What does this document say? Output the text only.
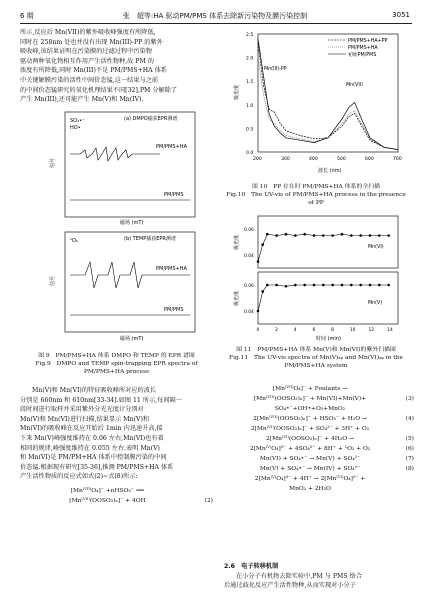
6 期	张　超等:HA 驱动PM/PMS 体系去除新污染物及膜污染控制	3051
所示,反应后 Mn(VII)的紫外吸收峰强度有所降低,
同时在 258nm 处也并没有出现 Mn(III)-PP 的紫外
吸收峰,该结果证明在污染膜的过滤过程中污染物
驱动两种氧化物相互作用产生活性物种,故 PM 的
浓度有所降低,同时 Mn(III)不是 PM/PMS+HA 体系
中关键解膜污染的活性中间价态锰,这一结果与之前
的中间价态锰研究的氧化机理结果不同[32],PM 分解除了
产生 Mn(III),还可能产生 Mn(V)和 Mn(IV).
(a) DMPO捕获EPR测谱
SO₄•⁻
HO•
PM/PMS+HA
PM/PMS
信号
磁场 (mT)
(b) TEMP捕获EPR测谱
¹O₂
PM/PMS+HA
PM/PMS
信号
磁场 (mT)
图 9　PM/PMS+HA 体系 DMPO 和 TEMP 的 EPR 谱图
Fig.9　DMPO and TEMP spin-trapping EPR spectra of
PM/PMS+HA process
Mn(V)和 Mn(VI)的特征吸收峰所对应的波长
分别是 660nm 和 610nm[33-34].如图 11 所示,每间隔一
段时间进行取样并采用紫外分光光度计分别对
Mn(V)和 Mn(VI)进行扫描,结果显示 Mn(V)和
Mn(VI)的吸收峰在反应开始后 1min 内迅速升高,接
下来 Mn(V)峰强度维持在 0.06 左右,Mn(VI)也有着
相同的规律,峰强度维持在 0.055 左右.表明 Mn(V)
和 Mn(VI)是 PM/PM+HA 体系中控制膜污染的中间
价态锰.根据现有研究[35-36],推测 PM/PMS+HA 体系
产生活性物质的反应式如式(2)~式(8)所示:
[Mn⁽ⱽᴵᴵ⁾O₄]⁻ +nHSO₅⁻ ⟺
[Mn⁽ⱽᴵᴵ⁾(OOSO₃)ₙ]⁻ + 4OH	(2)
200	300	400	500	600	700
0.0
0.5
1.0
1.5
2.0
2.5
PM/PMS+HA+PP
PM/PMS+HA
初始PM/PMS
Mn(III)-PP
Mn(VII)
吸光度
波长 (nm)
图 10　PP 存在时 PM/PMS+HA 体系的全扫描
Fig.10　The UV-vis of PM/PMS+HA process in the presence
of PP
0.04
0.06
0.04
0.06
0	2	4	6	8	10	12	14
Mn(VI)
Mn(V)
吸光度
吸光度
时间 (min)
图 11　PM/PMS+HA 体系 Mn(V)和 Mn(VI)的紫外扫描图
Fig.11　The UV-vis spectra of Mn(V)ₐᵩ and Mn(VI)ₐᵩ in the
PM/PMS+HA system
[Mn⁽ⱽᴵᴵ⁾O₄]⁻ + Foulants →
[Mn⁽ⱽᴵᴵ⁾(OOSO₃)ₙ]⁻ + Mn(VI)+Mn(V)+	(3)
SO₄•⁻+OH•+O₂+MnO₂
2[Mn⁽ⱽᴵᴵ⁾(OOSO₃)ₙ]⁻ + HSO₅⁻ + H₂O →	(4)
2[Mn⁽ⱽᴵ⁾(OOSO₃)ₙ]⁻ + SO₄²⁻ + 3H⁺ + O₂
2[Mn⁽ⱽᴵ⁾(OOSO₃)ₙ]⁻ + 4H₂O →	(5)
2[Mn⁽ⱽ⁾O₄]³⁻ + 4SO₄²⁻ + 8H⁺ + ¹O₂ + O₂	(6)
Mn(VI) + SO₄•⁻ → Mn(V) + SO₄²⁻	(7)
Mn(V) + SO₄•⁻ → Mn(IV) + SO₄²⁻	(8)
2[Mn⁽ⱽ⁾O₄]³⁻ + 4H⁺ → 2[Mn⁽ⱽᴵ⁾O₄]²⁻ +
MnO₂ + 2H₂O
2.6　电子转移机制
在小分子有机物去除实验中,PM 与 PMS 络合
后通过歧化反应产生活性物种,从而实现对小分子
